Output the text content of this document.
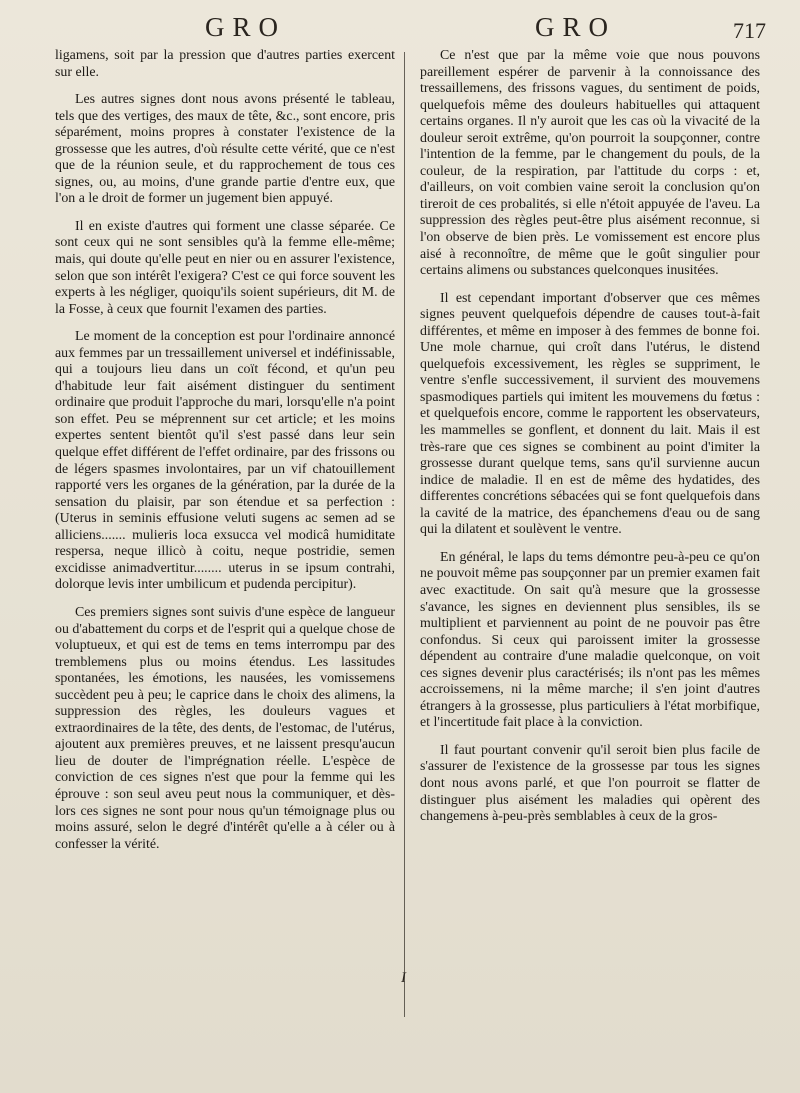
GRO	GRO	717

ligamens, soit par la pression que d'autres parties exercent sur elle.

Les autres signes dont nous avons présenté le tableau, tels que des vertiges, des maux de tête, &c., sont encore, pris séparément, moins propres à constater l'existence de la grossesse que les autres, d'où résulte cette vérité, que ce n'est que de la réunion seule, et du rapprochement de tous ces signes, ou, au moins, d'une grande partie d'entre eux, que l'on a le droit de former un jugement bien appuyé.

Il en existe d'autres qui forment une classe séparée. Ce sont ceux qui ne sont sensibles qu'à la femme elle-même; mais, qui doute qu'elle peut en nier ou en assurer l'existence, selon que son intérêt l'exigera? C'est ce qui force souvent les experts à les négliger, quoiqu'ils soient supérieurs, dit M. de la Fosse, à ceux que fournit l'examen des parties.

Le moment de la conception est pour l'ordinaire annoncé aux femmes par un tressaillement universel et indéfinissable, qui a toujours lieu dans un coït fécond, et qu'un peu d'habitude leur fait aisément distinguer du sentiment ordinaire que produit l'approche du mari, lorsqu'elle n'a point son effet. Peu se méprennent sur cet article; et les moins expertes sentent bientôt qu'il s'est passé dans leur sein quelque effet différent de l'effet ordinaire, par des frissons ou de légers spasmes involontaires, par un vif chatouillement rapporté vers les organes de la génération, par la durée de la sensation du plaisir, par son étendue et sa perfection : (Uterus in seminis effusione veluti sugens ac semen ad se alliciens....... mulieris loca exsucca vel modicâ humiditate respersa, neque illicò à coitu, neque postridie, semen excidisse animadvertitur........ uterus in se ipsum contrahi, dolorque levis inter umbilicum et pudenda percipitur).

Ces premiers signes sont suivis d'une espèce de langueur ou d'abattement du corps et de l'esprit qui a quelque chose de voluptueux, et qui est de tems en tems interrompu par des tremblemens plus ou moins étendus. Les lassitudes spontanées, les émotions, les nausées, les vomissemens succèdent peu à peu; le caprice dans le choix des alimens, la suppression des règles, les douleurs vagues et extraordinaires de la tête, des dents, de l'estomac, de l'utérus, ajoutent aux premières preuves, et ne laissent presqu'aucun lieu de douter de l'imprégnation réelle. L'espèce de conviction de ces signes n'est que pour la femme qui les éprouve : son seul aveu peut nous la communiquer, et dès-lors ces signes ne sont pour nous qu'un témoignage plus ou moins assuré, selon le degré d'intérêt qu'elle a à céler ou à confesser la vérité.

I

Ce n'est que par la même voie que nous pouvons pareillement espérer de parvenir à la connoissance des tressaillemens, des frissons vagues, du sentiment de poids, quelquefois même des douleurs habituelles qui attaquent certains organes. Il n'y auroit que les cas où la vivacité de la douleur seroit extrême, qu'on pourroit la soupçonner, contre l'intention de la femme, par le changement du pouls, de la couleur, de la respiration, par l'attitude du corps : et, d'ailleurs, on voit combien vaine seroit la conclusion qu'on tireroit de ces probalités, si elle n'étoit appuyée de l'aveu. La suppression des règles peut-être plus aisément reconnue, si l'on observe de bien près. Le vomissement est encore plus aisé à reconnoître, de même que le goût singulier pour certains alimens ou substances quelconques inusitées.

Il est cependant important d'observer que ces mêmes signes peuvent quelquefois dépendre de causes tout-à-fait différentes, et même en imposer à des femmes de bonne foi. Une mole charnue, qui croît dans l'utérus, le distend quelquefois excessivement, les règles se suppriment, le ventre s'enfle successivement, il survient des mouvemens spasmodiques partiels qui imitent les mouvemens du fœtus : et quelquefois encore, comme le rapportent les observateurs, les mammelles se gonflent, et donnent du lait. Mais il est très-rare que ces signes se combinent au point d'imiter la grossesse durant quelque tems, sans qu'il survienne aucun indice de maladie. Il en est de même des hydatides, des differentes concrétions sébacées qui se font quelquefois dans la cavité de la matrice, des épanchemens d'eau ou de sang qui la dilatent et soulèvent le ventre.

En général, le laps du tems démontre peu-à-peu ce qu'on ne pouvoit même pas soupçonner par un premier examen fait avec exactitude. On sait qu'à mesure que la grossesse s'avance, les signes en deviennent plus sensibles, ils se multiplient et parviennent au point de ne pouvoir pas être confondus. Si ceux qui paroissent imiter la grossesse dépendent au contraire d'une maladie quelconque, on voit ces signes devenir plus caractérisés; ils n'ont pas les mêmes accroissemens, ni la même marche; il s'en joint d'autres étrangers à la grossesse, plus particuliers à l'état morbifique, et l'incertitude fait place à la conviction.

Il faut pourtant convenir qu'il seroit bien plus facile de s'assurer de l'existence de la grossesse par tous les signes dont nous avons parlé, et que l'on pourroit se flatter de distinguer plus aisément les maladies qui opèrent des changemens à-peu-près semblables à ceux de la gros-
